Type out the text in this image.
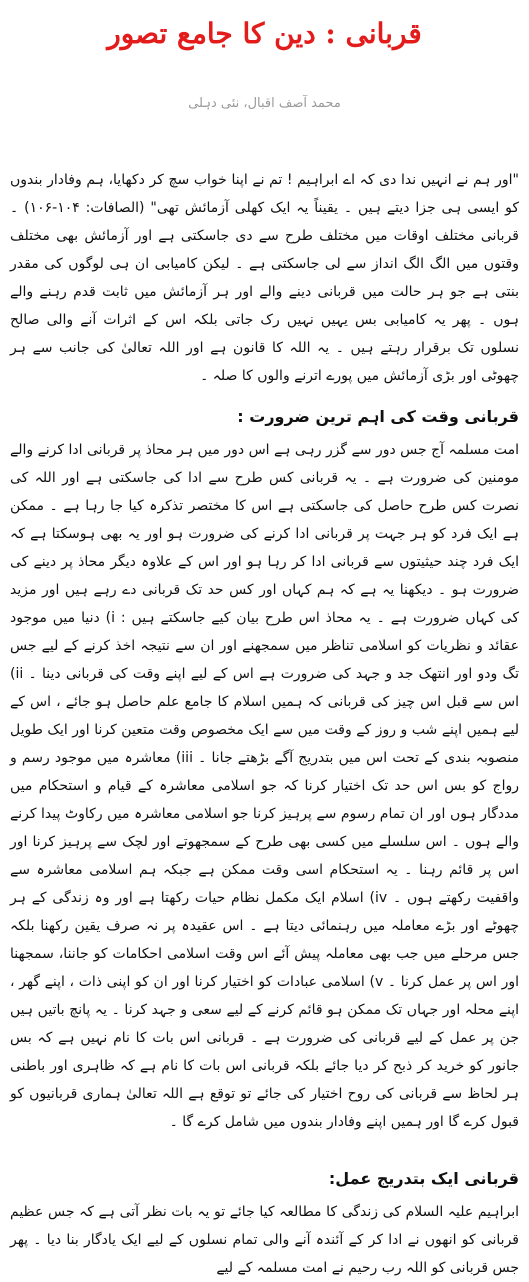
قربانی : دین کا جامع تصور
محمد آصف اقبال، نئی دہلی

"اور ہم نے انہیں ندا دی کہ اے ابراہیم ! تم نے اپنا خواب سچ کر دکھایا، ہم وفادار بندوں کو ایسی ہی جزا دیتے ہیں ۔ یقیناً یہ ایک کھلی آزمائش تھی" (الصافات: ۱۰۴-۱۰۶) ۔ قربانی مختلف اوقات میں مختلف طرح سے دی جاسکتی ہے اور آزمائش بھی مختلف وقتوں میں الگ الگ انداز سے لی جاسکتی ہے ۔ لیکن کامیابی ان ہی لوگوں کی مقدر بنتی ہے جو ہر حالت میں قربانی دینے والے اور ہر آزمائش میں ثابت قدم رہنے والے ہوں ۔ پھر یہ کامیابی بس یہیں نہیں رک جاتی بلکہ اس کے اثرات آنے والی صالح نسلوں تک برقرار رہتے ہیں ۔ یہ اللہ کا قانون ہے اور اللہ تعالیٰ کی جانب سے ہر چھوٹی اور بڑی آزمائش میں پورے اترنے والوں کا صلہ ۔

قربانی وقت کی اہم ترین ضرورت :

امت مسلمہ آج جس دور سے گزر رہی ہے اس دور میں ہر محاذ پر قربانی ادا کرنے والے مومنین کی ضرورت ہے ۔ یہ قربانی کس طرح سے ادا کی جاسکتی ہے اور اللہ کی نصرت کس طرح حاصل کی جاسکتی ہے اس کا مختصر تذکرہ کیا جا رہا ہے ۔ ممکن ہے ایک فرد کو ہر جہت پر قربانی ادا کرنے کی ضرورت ہو اور یہ بھی ہوسکتا ہے کہ ایک فرد چند حیثیتوں سے قربانی ادا کر رہا ہو اور اس کے علاوہ دیگر محاذ پر دینے کی ضرورت ہو ۔ دیکھنا یہ ہے کہ ہم کہاں اور کس حد تک قربانی دے رہے ہیں اور مزید کی کہاں ضرورت ہے ۔ یہ محاذ اس طرح بیان کیے جاسکتے ہیں : i) دنیا میں موجود عقائد و نظریات کو اسلامی تناظر میں سمجھنے اور ان سے نتیجہ اخذ کرنے کے لیے جس تگ ودو اور انتھک جد و جہد کی ضرورت ہے اس کے لیے اپنے وقت کی قربانی دینا ۔ ii) اس سے قبل اس چیز کی قربانی کہ ہمیں اسلام کا جامع علم حاصل ہو جائے ، اس کے لیے ہمیں اپنے شب و روز کے وقت میں سے ایک مخصوص وقت متعین کرنا اور ایک طویل منصوبہ بندی کے تحت اس میں بتدریج آگے بڑھتے جانا ۔ iii) معاشرہ میں موجود رسم و رواج کو بس اس حد تک اختیار کرنا کہ جو اسلامی معاشرہ کے قیام و استحکام میں مددگار ہوں اور ان تمام رسوم سے پرہیز کرنا جو اسلامی معاشرہ میں رکاوٹ پیدا کرنے والے ہوں ۔ اس سلسلے میں کسی بھی طرح کے سمجھوتے اور لچک سے پرہیز کرنا اور اس پر قائم رہنا ۔ یہ استحکام اسی وقت ممکن ہے جبکہ ہم اسلامی معاشرہ سے واقفیت رکھتے ہوں ۔ iv) اسلام ایک مکمل نظام حیات رکھتا ہے اور وہ زندگی کے ہر چھوٹے اور بڑے معاملہ میں رہنمائی دیتا ہے ۔ اس عقیدہ پر نہ صرف یقین رکھنا بلکہ جس مرحلے میں جب بھی معاملہ پیش آئے اس وقت اسلامی احکامات کو جاننا، سمجھنا اور اس پر عمل کرنا ۔ v) اسلامی عبادات کو اختیار کرنا اور ان کو اپنی ذات ، اپنے گھر ، اپنے محلہ اور جہاں تک ممکن ہو قائم کرنے کے لیے سعی و جہد کرنا ۔ یہ پانچ باتیں ہیں جن پر عمل کے لیے قربانی کی ضرورت ہے ۔ قربانی اس بات کا نام نہیں ہے کہ بس جانور کو خرید کر ذبح کر دیا جائے بلکہ قربانی اس بات کا نام ہے کہ ظاہری اور باطنی ہر لحاظ سے قربانی کی روح اختیار کی جائے تو توقع ہے اللہ تعالیٰ ہماری قربانیوں کو قبول کرے گا اور ہمیں اپنے وفادار بندوں میں شامل کرے گا ۔

قربانی ایک بتدریج عمل:

ابراہیم علیہ السلام کی زندگی کا مطالعہ کیا جائے تو یہ بات نظر آتی ہے کہ جس عظیم قربانی کو انھوں نے ادا کر کے آئندہ آنے والی تمام نسلوں کے لیے ایک یادگار بنا دیا ۔ پھر جس قربانی کو اللہ رب رحیم نے امت مسلمہ کے لیے
